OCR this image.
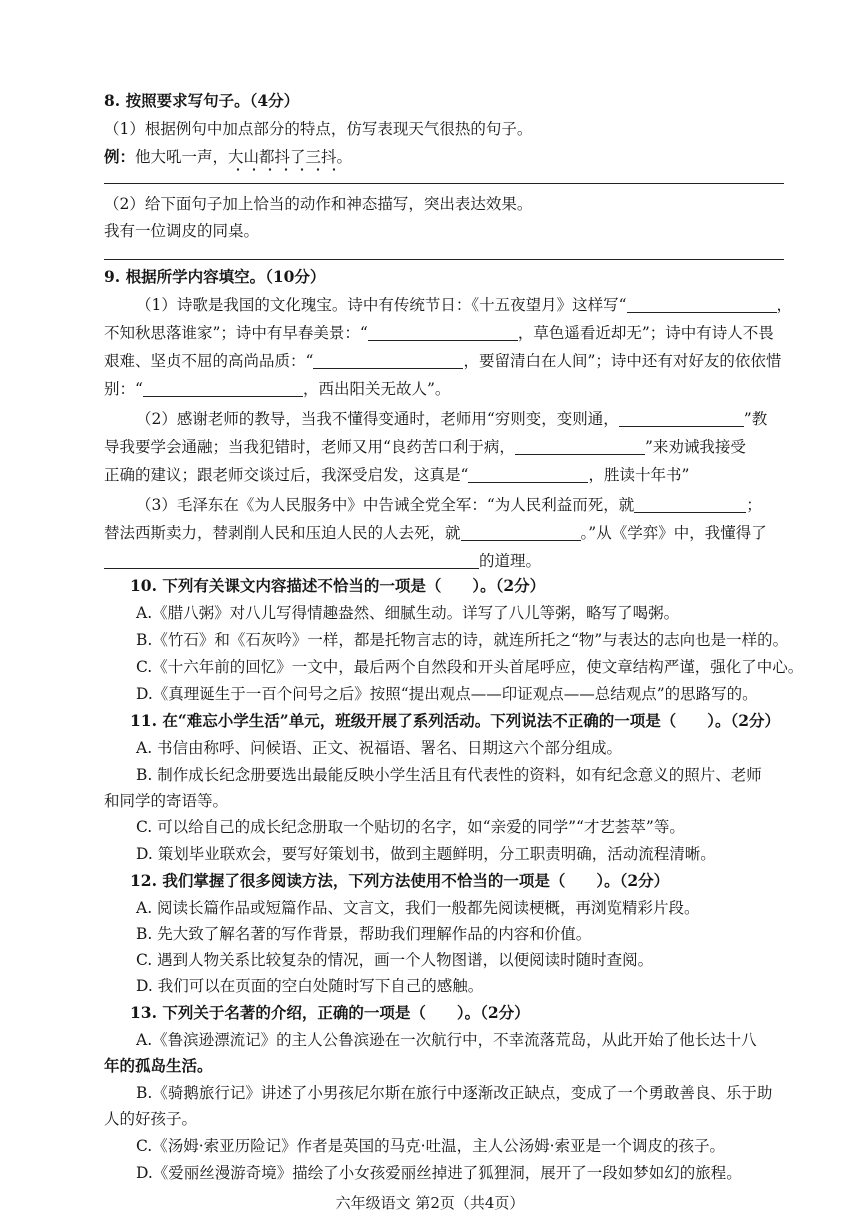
8. 按照要求写句子。（4分）
（1）根据例句中加点部分的特点，仿写表现天气很热的句子。
例：他大吼一声，大山都抖了三抖。
（2）给下面句子加上恰当的动作和神态描写，突出表达效果。
我有一位调皮的同桌。
9. 根据所学内容填空。（10分）
（1）诗歌是我国的文化瑰宝。诗中有传统节日：《十五夜望月》这样写“	，
不知秋思落谁家”；诗中有早春美景：“	，草色遥看近却无”；诗中有诗人不畏
艰难、坚贞不屈的高尚品质：“	，要留清白在人间”；诗中还有对好友的依依惜
别：“	，西出阳关无故人”。
（2）感谢老师的教导，当我不懂得变通时，老师用“穷则变，变则通，	”教
导我要学会通融；当我犯错时，老师又用“良药苦口利于病，	”来劝诫我接受
正确的建议；跟老师交谈过后，我深受启发，这真是“	，胜读十年书”
（3）毛泽东在《为人民服务中》中告诫全党全军：“为人民利益而死，就	；
替法西斯卖力，替剥削人民和压迫人民的人去死，就	。”从《学弈》中，我懂得了
的道理。
10. 下列有关课文内容描述不恰当的一项是（　　）。（2分）
A.《腊八粥》对八儿写得情趣盎然、细腻生动。详写了八儿等粥，略写了喝粥。
B.《竹石》和《石灰吟》一样，都是托物言志的诗，就连所托之“物”与表达的志向也是一样的。
C.《十六年前的回忆》一文中，最后两个自然段和开头首尾呼应，使文章结构严谨，强化了中心。
D.《真理诞生于一百个问号之后》按照“提出观点——印证观点——总结观点”的思路写的。
11. 在“难忘小学生活”单元，班级开展了系列活动。下列说法不正确的一项是（　　）。（2分）
A. 书信由称呼、问候语、正文、祝福语、署名、日期这六个部分组成。
B. 制作成长纪念册要选出最能反映小学生活且有代表性的资料，如有纪念意义的照片、老师
和同学的寄语等。
C. 可以给自己的成长纪念册取一个贴切的名字，如“亲爱的同学”“才艺荟萃”等。
D. 策划毕业联欢会，要写好策划书，做到主题鲜明，分工职责明确，活动流程清晰。
12. 我们掌握了很多阅读方法，下列方法使用不恰当的一项是（　　）。（2分）
A. 阅读长篇作品或短篇作品、文言文，我们一般都先阅读梗概，再浏览精彩片段。
B. 先大致了解名著的写作背景，帮助我们理解作品的内容和价值。
C. 遇到人物关系比较复杂的情况，画一个人物图谱，以便阅读时随时查阅。
D. 我们可以在页面的空白处随时写下自己的感触。
13. 下列关于名著的介绍，正确的一项是（　　）。（2分）
A.《鲁滨逊漂流记》的主人公鲁滨逊在一次航行中，不幸流落荒岛，从此开始了他长达十八
年的孤岛生活。
B.《骑鹅旅行记》讲述了小男孩尼尔斯在旅行中逐渐改正缺点，变成了一个勇敢善良、乐于助
人的好孩子。
C.《汤姆·索亚历险记》作者是英国的马克·吐温，主人公汤姆·索亚是一个调皮的孩子。
D.《爱丽丝漫游奇境》描绘了小女孩爱丽丝掉进了狐狸洞，展开了一段如梦如幻的旅程。
六年级语文 第2页（共4页）
